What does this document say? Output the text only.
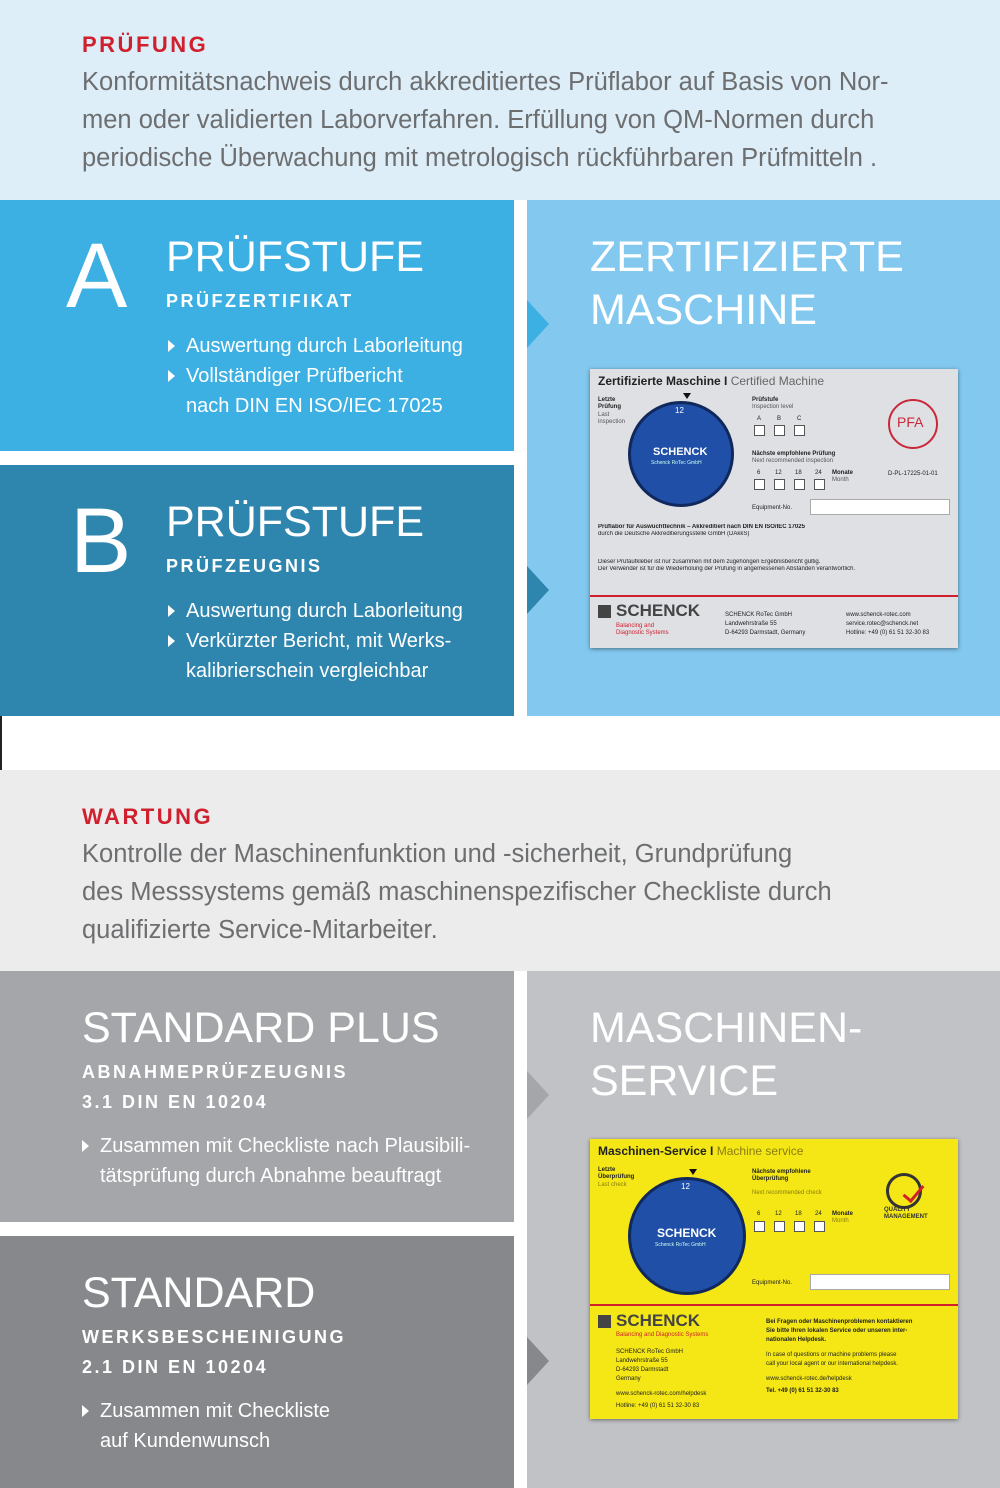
PRÜFUNG
Konformitätsnachweis durch akkreditiertes Prüflabor auf Basis von Nor-
men oder validierten Laborverfahren. Erfüllung von QM-Normen durch
periodische Überwachung mit metrologisch rückführbaren Prüfmitteln .
A PRÜFSTUFE
PRÜFZERTIFIKAT
Auswertung durch Laborleitung
Vollständiger Prüfbericht
nach DIN EN ISO/IEC 17025
B PRÜFSTUFE
PRÜFZEUGNIS
Auswertung durch Laborleitung
Verkürzter Bericht, mit Werks-
kalibrierschein vergleichbar
ZERTIFIZIERTE
MASCHINE
Zertifizierte Maschine I Certified Machine
Letzte
Prüfung
Last inspection
12
SCHENCK
Schenck RoTec GmbH
Prüfstufe
Inspection level
A	B	C
Nächste empfohlene Prüfung
Next recommended inspection
6 12 18 24 Monate
Month
PFA
D-PL-17225-01-01
Equipment-No.
Prüflabor für Auswuchttechnik – Akkreditiert nach DIN EN ISO/IEC 17025
durch die Deutsche Akkreditierungsstelle GmbH (DAkkS)
Dieser Prüfaufkleber ist nur zusammen mit dem zugehörigen Ergebnisbericht gültig.
Der Verwender ist für die Wiederholung der Prüfung in angemessenen Abständen verantwortlich.
SCHENCK
Balancing and
Diagnostic Systems
SCHENCK RoTec GmbH
Landwehrstraße 55
D-64293 Darmstadt, Germany
www.schenck-rotec.com
service.rotec@schenck.net
Hotline: +49 (0) 61 51 32-30 83
WARTUNG
Kontrolle der Maschinenfunktion und -sicherheit, Grundprüfung
des Messsystems gemäß maschinenspezifischer Checkliste durch
qualifizierte Service-Mitarbeiter.
STANDARD PLUS
ABNAHMEPRÜFZEUGNIS
3.1 DIN EN 10204
Zusammen mit Checkliste nach Plausibili-
tätsprüfung durch Abnahme beauftragt
STANDARD
WERKSBESCHEINIGUNG
2.1 DIN EN 10204
Zusammen mit Checkliste
auf Kundenwunsch
MASCHINEN-
SERVICE
Maschinen-Service I Machine service
Letzte
Überprüfung
Last check	12
SCHENCK
Schenck RoTec GmbH
Nächste empfohlene Überprüfung
Next recommended check
6 12 18 24 Monate
Month
QUALITY MANAGEMENT
Equipment-No.
SCHENCK
Balancing and Diagnostic Systems
SCHENCK RoTec GmbH
Landwehrstraße 55
D-64293 Darmstadt
Germany
www.schenck-rotec.com/helpdesk
Hotline: +49 (0) 61 51 32-30 83
Bei Fragen oder Maschinenproblemen kontaktieren
Sie bitte Ihren lokalen Service oder unseren inter-
nationalen Helpdesk.
In case of questions or machine problems please
call your local agent or our international helpdesk.
www.schenck-rotec.de/helpdesk
Tel. +49 (0) 61 51 32-30 83
